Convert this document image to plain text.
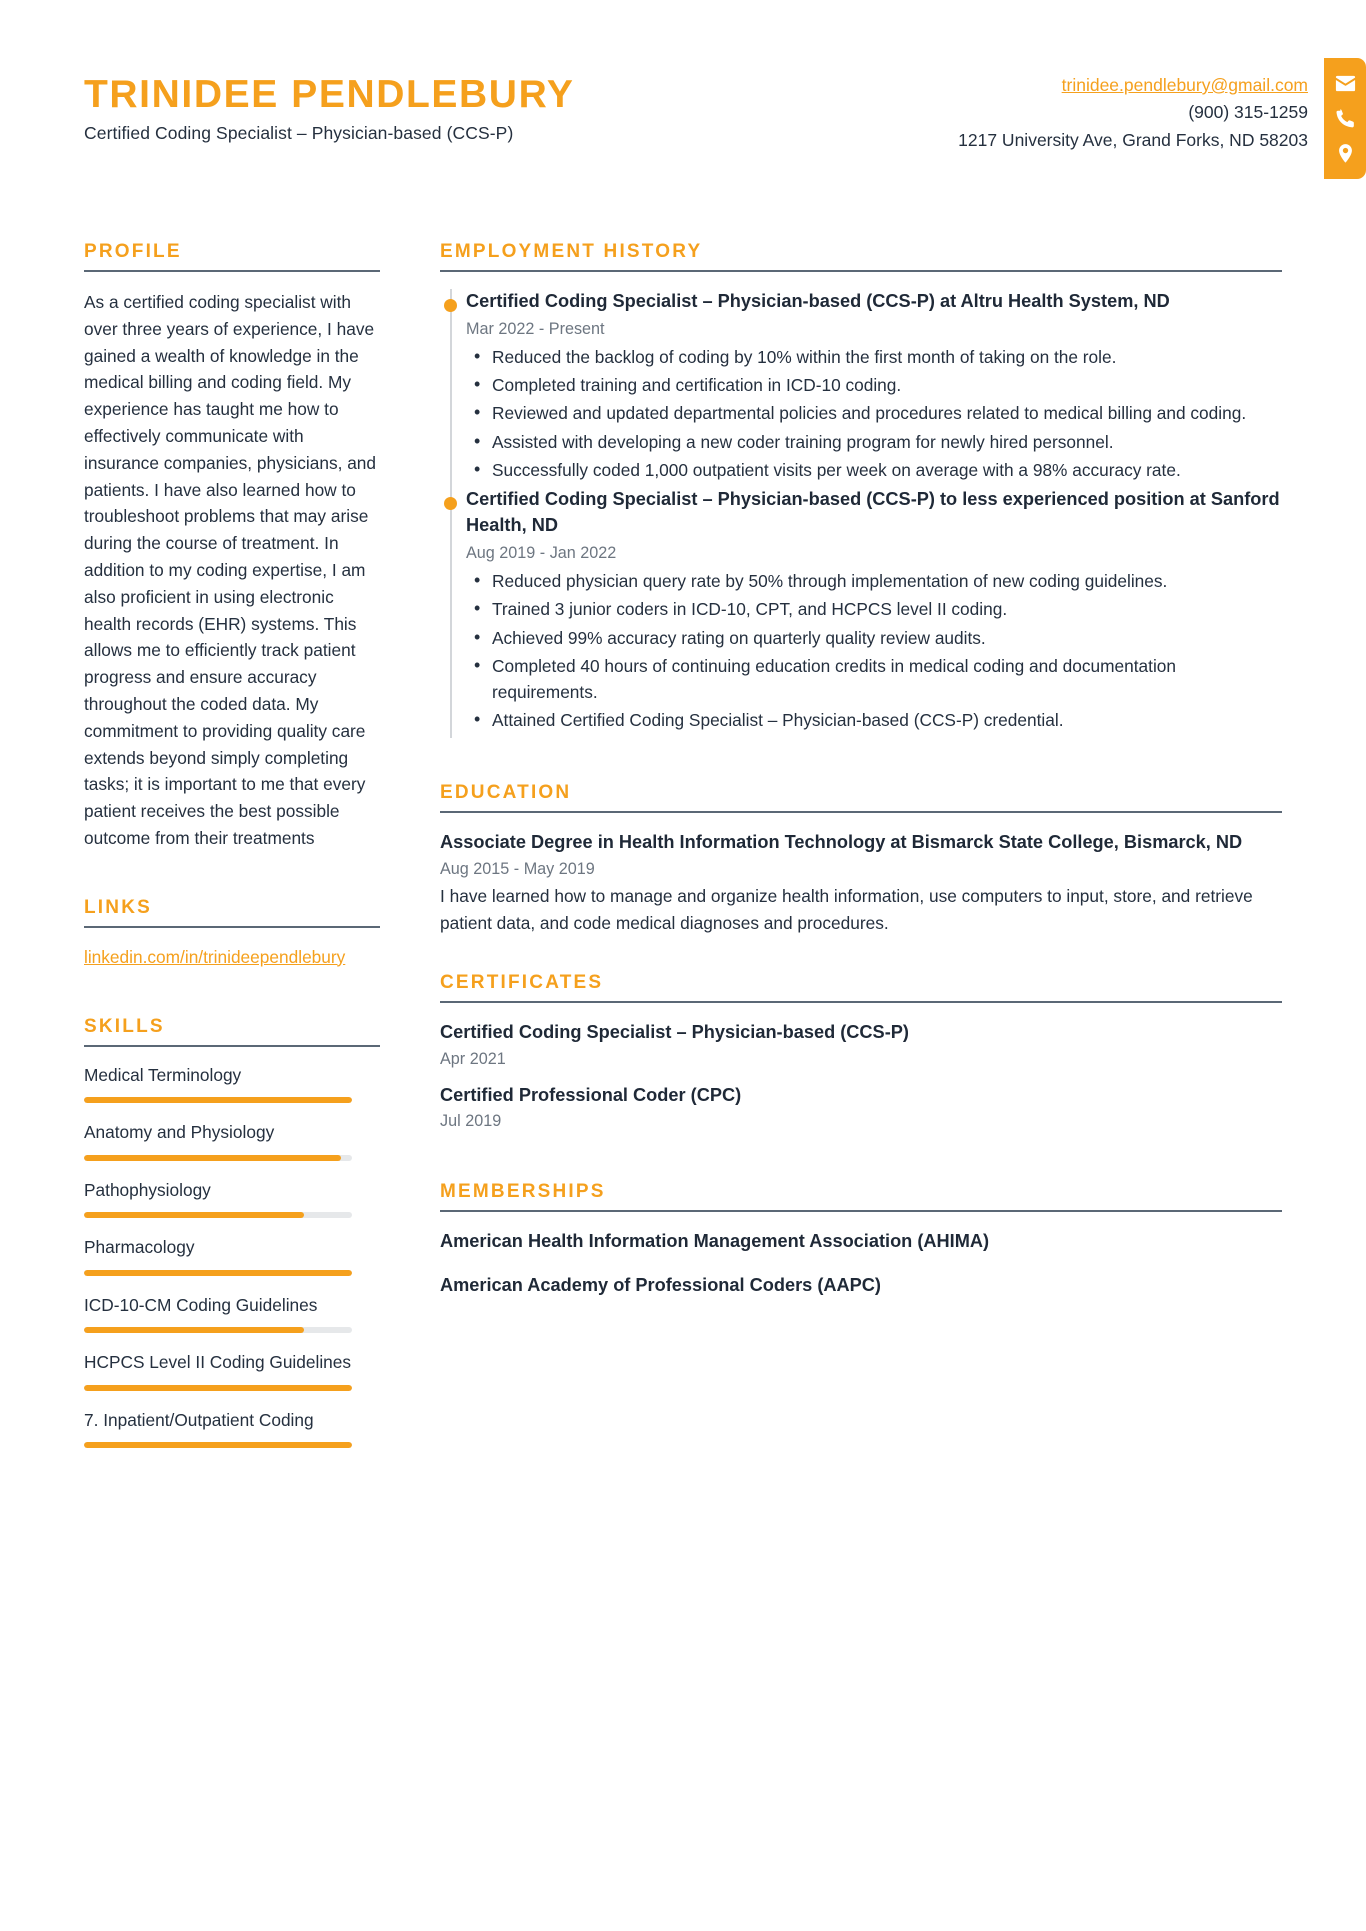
TRINIDEE PENDLEBURY
Certified Coding Specialist – Physician-based (CCS-P)
trinidee.pendlebury@gmail.com
(900) 315-1259
1217 University Ave, Grand Forks, ND 58203
PROFILE
As a certified coding specialist with over three years of experience, I have gained a wealth of knowledge in the medical billing and coding field. My experience has taught me how to effectively communicate with insurance companies, physicians, and patients. I have also learned how to troubleshoot problems that may arise during the course of treatment. In addition to my coding expertise, I am also proficient in using electronic health records (EHR) systems. This allows me to efficiently track patient progress and ensure accuracy throughout the coded data. My commitment to providing quality care extends beyond simply completing tasks; it is important to me that every patient receives the best possible outcome from their treatments
LINKS
linkedin.com/in/trinideependlebury
SKILLS
Medical Terminology
Anatomy and Physiology
Pathophysiology
Pharmacology
ICD-10-CM Coding Guidelines
HCPCS Level II Coding Guidelines
7. Inpatient/Outpatient Coding
EMPLOYMENT HISTORY
Certified Coding Specialist – Physician-based (CCS-P) at Altru Health System, ND
Mar 2022 - Present
• Reduced the backlog of coding by 10% within the first month of taking on the role.
• Completed training and certification in ICD-10 coding.
• Reviewed and updated departmental policies and procedures related to medical billing and coding.
• Assisted with developing a new coder training program for newly hired personnel.
• Successfully coded 1,000 outpatient visits per week on average with a 98% accuracy rate.
Certified Coding Specialist – Physician-based (CCS-P) to less experienced position at Sanford Health, ND
Aug 2019 - Jan 2022
• Reduced physician query rate by 50% through implementation of new coding guidelines.
• Trained 3 junior coders in ICD-10, CPT, and HCPCS level II coding.
• Achieved 99% accuracy rating on quarterly quality review audits.
• Completed 40 hours of continuing education credits in medical coding and documentation requirements.
• Attained Certified Coding Specialist – Physician-based (CCS-P) credential.
EDUCATION
Associate Degree in Health Information Technology at Bismarck State College, Bismarck, ND
Aug 2015 - May 2019
I have learned how to manage and organize health information, use computers to input, store, and retrieve patient data, and code medical diagnoses and procedures.
CERTIFICATES
Certified Coding Specialist – Physician-based (CCS-P)
Apr 2021
Certified Professional Coder (CPC)
Jul 2019
MEMBERSHIPS
American Health Information Management Association (AHIMA)
American Academy of Professional Coders (AAPC)
